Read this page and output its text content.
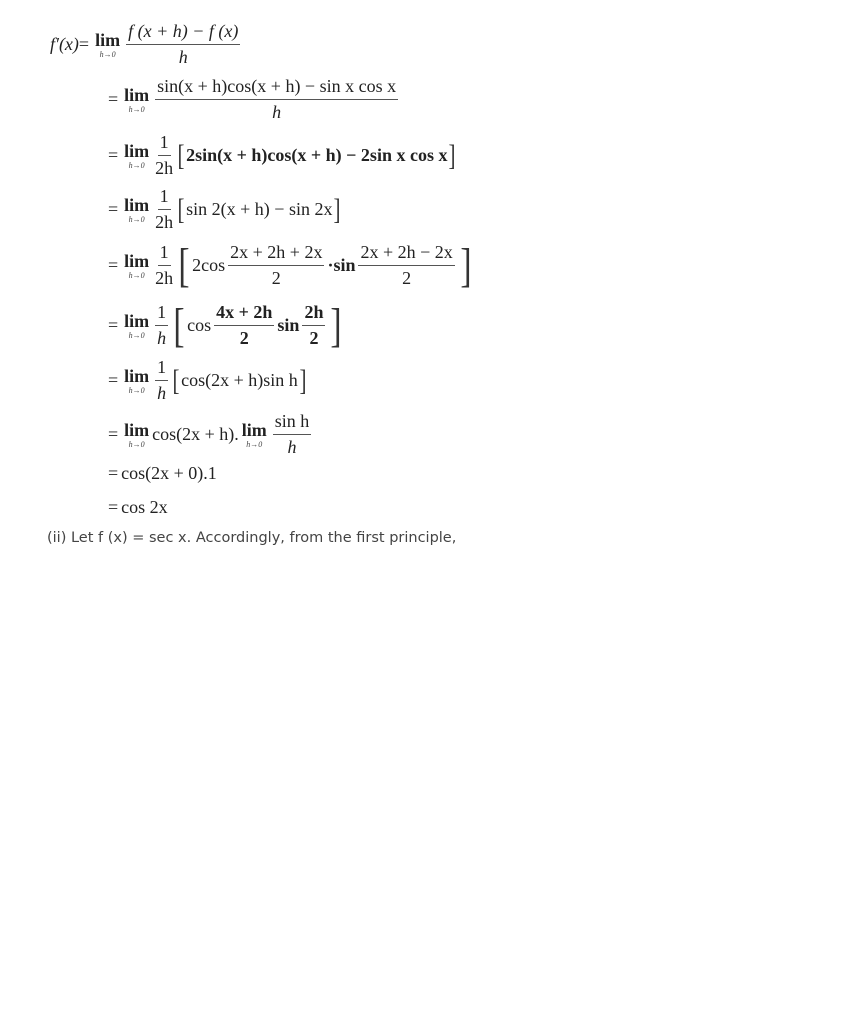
f′(x) = lim
$h\to 0 \frac{f (x + h) - f (x)}{h}$
= lim
$h\to 0 \frac{\text{sin(x + h)cos(x + h) − sin x cos x}}{h}$
= lim
$h\to 0 \frac{1}{2h}$ [ 2sin(x + h)cos(x + h) − 2sin x cos x ]
= lim
$h\to 0 \frac{1}{2h}$ [ sin 2(x + h) − sin 2x ]
= lim
$h\to 0 \frac{1}{2h}$ [ $2\cos \frac{2x + 2h + 2x}{2} \cdot\sin \frac{2x + 2h - 2x}{2}$ ]
= lim
$h\to 0 \frac{1}{h}$ [ $\cos \frac{4x + 2h}{2}$ $\sin \frac{2h}{2}$ ]
= lim
$h\to 0 \frac{1}{h}$ [ cos(2x + h)sin h ]
= lim
h→0 cos(2x + h). lim
$h\to 0 \frac{\text{sin h}}{h}$
= cos(2x + 0).1
= cos 2x
(ii) Let f (x) = sec x. Accordingly, from the first principle,
